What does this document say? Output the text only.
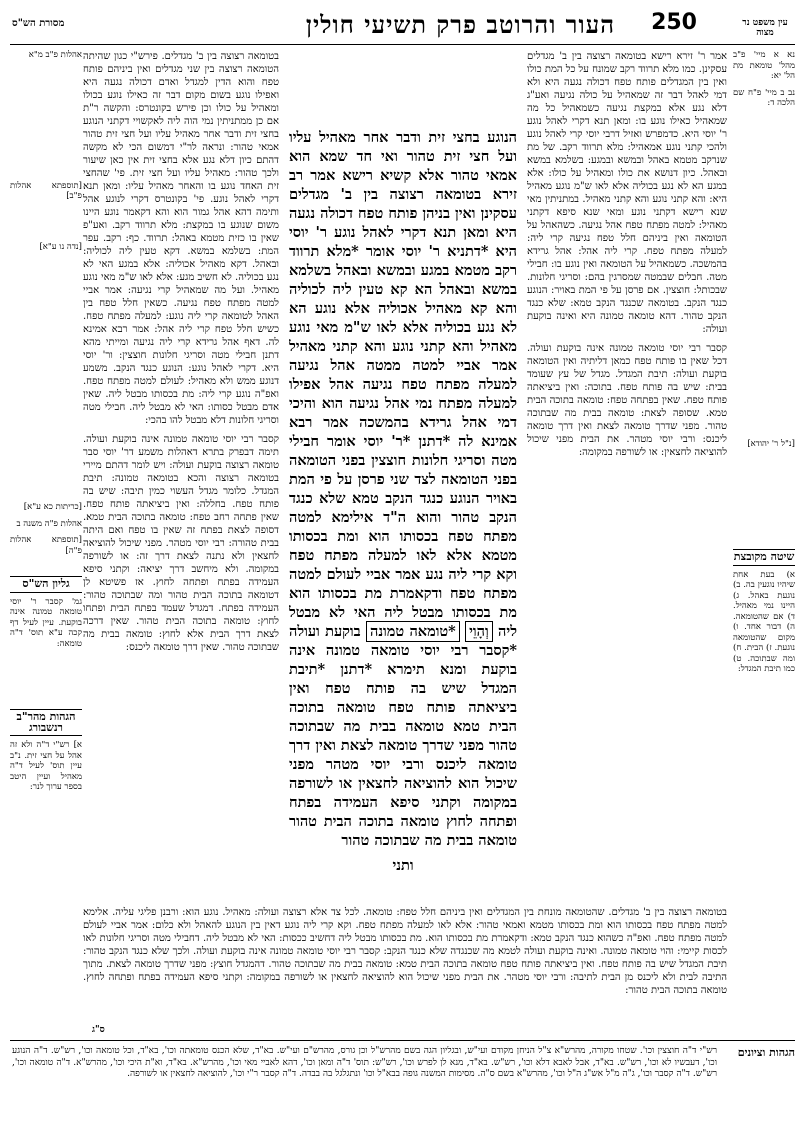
עין משפט נר מצוה
250
העור והרוטב פרק תשיעי חולין
מסורת הש"ס

נא א מיי' פ"ב מהל' טומאת מת הל' יא:

נב ב מיי' פ"ח שם הלכה ד:

[נ"ל ר' יהודא]

שיטה מקובצת

א) בעת אחת שיהיו נוגעין בה. ב) נוגעת באהל. ג) היינו נמי מאהיל. ד) אם שהטומאה. ה) דבור אחד. ו) מקום שהטומאה נוגעת. ז) הבית. ח) ומה שבתוכה. ט) כמו תיבת המגדל:

אמר ר' זירא רישא בטומאה רצוצה בין ב' מגדלים עסקינן. כמו מלא תרווד רקב שמונח על כל המת כולו ואין בין המגדלים פותח טפח דכולה נגעה היא ולא דמי לאהל דבר זה שמאהיל על כולה נגיעה ואע"ג דלא נגע אלא במקצת נגיעה כשמאהיל כל מה שמאהיל כאילו נוגע בו: ומאן תנא דקרי לאהל נוגע ר' יוסי היא. כדמפרש ואזיל דרבי יוסי קרי לאהל נוגע ולהכי קתני נוגע אמאהיל: מלא תרווד רקב. של מת שנרקב מטמא באהל ובמשא ובמגע: בשלמא במשא ובאהל. כיון דנושא את כולו ומאהיל על כולו: אלא במגע הא לא נגע בכוליה אלא לאו ש"מ נוגע מאהיל היא: והא קתני נוגע והא קתני מאהיל. במתניתין מאי שנא רישא דקתני נוגע ומאי שנא סיפא דקתני מאהיל: למטה מפתח טפח אהל נגיעה. כשהאהל על הטומאה ואין ביניהם חלל טפח נגיעה קרי ליה: למעלה מפתח טפח. קרי ליה אהל: אהל גרידא בהמשכה. כשמאהיל על הטומאה ואין נוגע בו: חבילי מטה. חבלים שבמטה שמסרגין בהם: וסריגי חלונות. שבכותל: חוצצין. אם פרסן על פי המת באויר: הנוגע כנגד הנקב. בטומאה שכנגד הנקב טמא: שלא כנגד הנקב טהור. דהא טומאה טמונה היא ואינה בוקעת ועולה:

קסבר רבי יוסי טומאה טמונה אינה בוקעת ועולה. דכל שאין בו פותח טפח כמאן דליתיה ואין הטומאה בוקעת ועולה: תיבת המגדל. מגדל של עץ שעומד בבית: שיש בה פותח טפח. בתוכה: ואין ביציאתה פותח טפח. שאין בפתחה טפח: טומאה בתוכה הבית טמא. שסופה לצאת: טומאה בבית מה שבתוכה טהור. מפני שדרך טומאה לצאת ואין דרך טומאה ליכנס: ורבי יוסי מטהר. את הבית מפני שיכול להוציאה לחצאין: או לשורפה במקומה:

הנוגע בחצי זית ודבר אחר מאהיל עליו ועל חצי זית טהור ואי חד שמא הוא אמאי טהור אלא קשיא רישא אמר רב זירא בטומאה רצוצה בין ב' מגדלים עסקינן ואין בניהן פותח טפח דכולה נגעה היא ומאן תנא דקרי לאהל נוגע ר' יוסי היא *דתניא ר' יוסי אומר *מלא תרווד רקב מטמא במגע ובמשא ובאהל בשלמא במשא ובאהל הא קא טעין ליה לכוליה והא קא מאהיל אכוליה אלא נוגע הא לא נגע בכוליה אלא לאו ש"מ מאי נוגע מאהיל והא קתני נוגע והא קתני מאהיל אמר אביי למטה ממטה אהל נגיעה למעלה מפתח טפח נגיעה אהל אפילו למעלה מפתח נמי אהל נגיעה הוא והיכי דמי אהל גרידא בהמשכה אמר רבא אמינא לה *דתנן *ר' יוסי אומר חבילי מטה וסריגי חלונות חוצצין בפני הטומאה בפני הטומאה לצד שני פרסן על פי המת באויר הנוגע כנגד הנקב טמא שלא כנגד הנקב טהור והוא ה"ד אילימא למטה מפתח טפח בכסותו הוא ומת בכסותו מטמא אלא לאו למעלה מפתח טפח וקא קרי ליה נגע אמר אביי לעולם למטה מפתח טפח ודקאמרת מת בכסותו הוא מת בכסותו מבטל ליה האי לא מבטל ליה וְהָוֵי *טומאה טמונה בוקעת ועולה *קסבר רבי יוסי טומאה טמונה אינה בוקעת ומנא תימרא *דתנן *תיבת המגדל שיש בה פותח טפח ואין ביציאתה פותח טפח טומאה בתוכה הבית טמא טומאה בבית מה שבתוכה טהור מפני שדרך טומאה לצאת ואין דרך טומאה ליכנס ורבי יוסי מטהר מפני שיכול הוא להוציאה לחצאין או לשורפה במקומה וקתני סיפא העמידה בפתח ופתחה לחוץ טומאה בתוכה הבית טהור טומאה בבית מה שבתוכה טהור

ותני

בטומאה רצוצה בין ב' מגדלים. פירש"י כגון שהיתה הטומאה רצוצה בין שני מגדלים ואין ביניהם פותח טפח והוא הדין למגדל ואדם דכולה נגעה היא ואפילו נוגע בשום מקום דבר זה כאילו נוגע בכולו ומאהיל על כולו וכן פירש בקונטרס: והקשה ר"ת אם כן ממתניתין נמי הוה ליה לאקשויי דקתני הנוגע בחצי זית ודבר אחר מאהיל עליו ועל חצי זית טהור אמאי טהור: ונראה לר"י דמשום הכי לא מקשה דהתם כיון דלא נגע אלא בחצי זית אין כאן שיעור ולכך טהור: מאהיל עליו ועל חצי זית. פי' שהחצי זית האחד נוגע בו והאחר מאהיל עליו: ומאן תנא דקרי לאהל נוגע. פי' בקונטרס דקרי לנוגע אהל ותימה דהא אהל גמור הוא והא דקאמר נוגע היינו משום שנוגע בו במקצת: מלא תרווד רקב. ואע"פ שאין בו כזית מטמא באהל: תרווד. כף: רקב. עפר המת: בשלמא במשא. דקא טעין ליה לכוליה: ובאהל. דקא מאהיל אכוליה: אלא במגע האי לא נגע בכוליה. לא חשיב מגע: אלא לאו ש"מ מאי נוגע מאהיל. ועל מה שמאהיל קרי נגיעה: אמר אביי למטה מפתח טפח נגיעה. כשאין חלל טפח בין האהל לטומאה קרי ליה נוגע: למעלה מפתח טפח. כשיש חלל טפח קרי ליה אהל: אמר רבא אמינא לה. דאף אהל גרידא קרי ליה נגיעה ומייתי מהא דתנן חבילי מטה וסריגי חלונות חוצצין: ור' יוסי היא. דקרי לאהל נוגע: הנוגע כנגד הנקב. משמע דנוגע ממש ולא מאהיל: לעולם למטה מפתח טפח. ואפ"ה נוגע קרי ליה: מת בכסותו מבטל ליה. שאין אדם מבטל כסותו: האי לא מבטל ליה. חבילי מטה וסריגי חלונות דלא מבטל להו בהכי:

קסבר רבי יוסי טומאה טמונה אינה בוקעת ועולה. תימה דבפרק בתרא דאהלות משמע דר' יוסי סבר טומאה רצוצה בוקעת ועולה: ויש לומר דהתם מיירי בטומאה רצוצה והכא בטומאה טמונה: תיבת המגדל. כלומר מגדל העשוי כמין תיבה: שיש בה פותח טפח. בחללה: ואין ביציאתה פותח טפח. שאין פתחה רחב טפח: טומאה בתוכה הבית טמא. דסופה לצאת בפתח זה שאין בו טפח ואם היתה בבית טהורה: רבי יוסי מטהר. מפני שיכול להוציאה לחצאין ולא נתנה לצאת דרך זה: או לשורפה במקומה. ולא מיחשב דרך יציאה: וקתני סיפא העמידה בפתח ופתחה לחוץ. אז פשיטא לן דטומאה בתוכה הבית טהור ומה שבתוכה טהור: העמידה בפתח. דמגדל שעמד בפתח הבית ופתחו לחוץ: טומאה בתוכה הבית טהור. שאין דרכה לצאת דרך הבית אלא לחוץ: טומאה בבית מה שבתוכה טהור. שאין דרך טומאה ליכנס:

אהלות פ"ב מ"א

[תוספתא אהלות פ"ב]

[נדה נו ע"א]

[כריתות כא ע"א]

אהלות פ"ה משנה ב

[תוספתא אהלות פ"ה]

גליון הש"ס

גמ' קסבר ר' יוסי טומאה טמונה אינה בוקעת. עיין לעיל דף קכה ע"א תוס' ד"ה טומאה:

הגהות מהר"ב רנשבורג

א] רש"י ד"ה ולא זה אהל על חצי זית. נ"ב עיין תוס' לעיל ד"ה מאהיל ועיין היטב בספר ערוך לנר:

בטומאה רצוצה בין ב' מגדלים. שהטומאה מונחת בין המגדלים ואין ביניהם חלל טפח: טומאה. לכל צד אלא רצוצה ועולה: מאהיל. נוגע הוא: ורבנן פליגי עליה. אלימא למטה מפתח טפח בכסותו הוא ומת בכסותו מטמא ואמאי טהור: אלא לאו למעלה מפתח טפח. וקא קרי ליה נוגע דאין בין הנוגע להאהל ולא כלום: אמר אביי לעולם למטה מפתח טפח. ואפ"ה כשהוא כנגד הנקב טמא: ודקאמרת מת בכסותו הוא. מת בכסותו מבטל ליה דחשיב ככסות: האי לא מבטל ליה. דחבילי מטה וסריגי חלונות לאו לכסות קיימי: והוי טומאה טמונה. ואינה בוקעת ועולה לטמא מה שכנגדה שלא כנגד הנקב: קסבר רבי יוסי טומאה טמונה אינה בוקעת ועולה. ולכך שלא כנגד הנקב טהור: תיבת המגדל שיש בה פותח טפח. ואין ביציאתה פותח טפח טומאה בתוכה הבית טמא: טומאה בבית מה שבתוכה טהור. דהמגדל חוצץ: מפני שדרך טומאה לצאת. מתוך התיבה לבית ולא ליכנס מן הבית לתיבה: ורבי יוסי מטהר. את הבית מפני שיכול הוא להוציאה לחצאין או לשורפה במקומה: וקתני סיפא העמידה בפתח ופתחה לחוץ. טומאה בתוכה הבית טהור:

ס"ג
הגהות וציונים
רש"י ד"ה חוצצין וכו'. שטחו מקורה, מהרש"א צ"ל הניחן מקודם ועי"ש, ובגליון הגה בשם מהרש"ל וכן גורס, מהרש"ם ועי"ש. בא"ד, שלא הכנס טומאתה וכו', בא"ד, וכל טומאה וכו', רש"ש. ד"ה הנוגע וכו', דעבשיו לא וכו', רש"ש. בא"ד, אבל לאבא דלא וכו', רש"ש. בא"ד, מנא לן לפרש וכו', רש"ש: תוס' ד"ה ומאן וכו', דהא לאביי מאי וכו', מהרש"א. בא"ד, וא"ת היכי וכו', מהרש"א. ד"ה טומאה וכו', רש"ש. ד"ה קסבר וכו', ג"ה מ"ל אש"ג ה"ל וכו', מהרש"א בשם ס"ה. מסימות המשנה גופה בבא"ל וכו' ונתגלגל בה בבדה. ד"ה קסבר ר"י וכו', להוציאה לחצאין או לשורפה.
